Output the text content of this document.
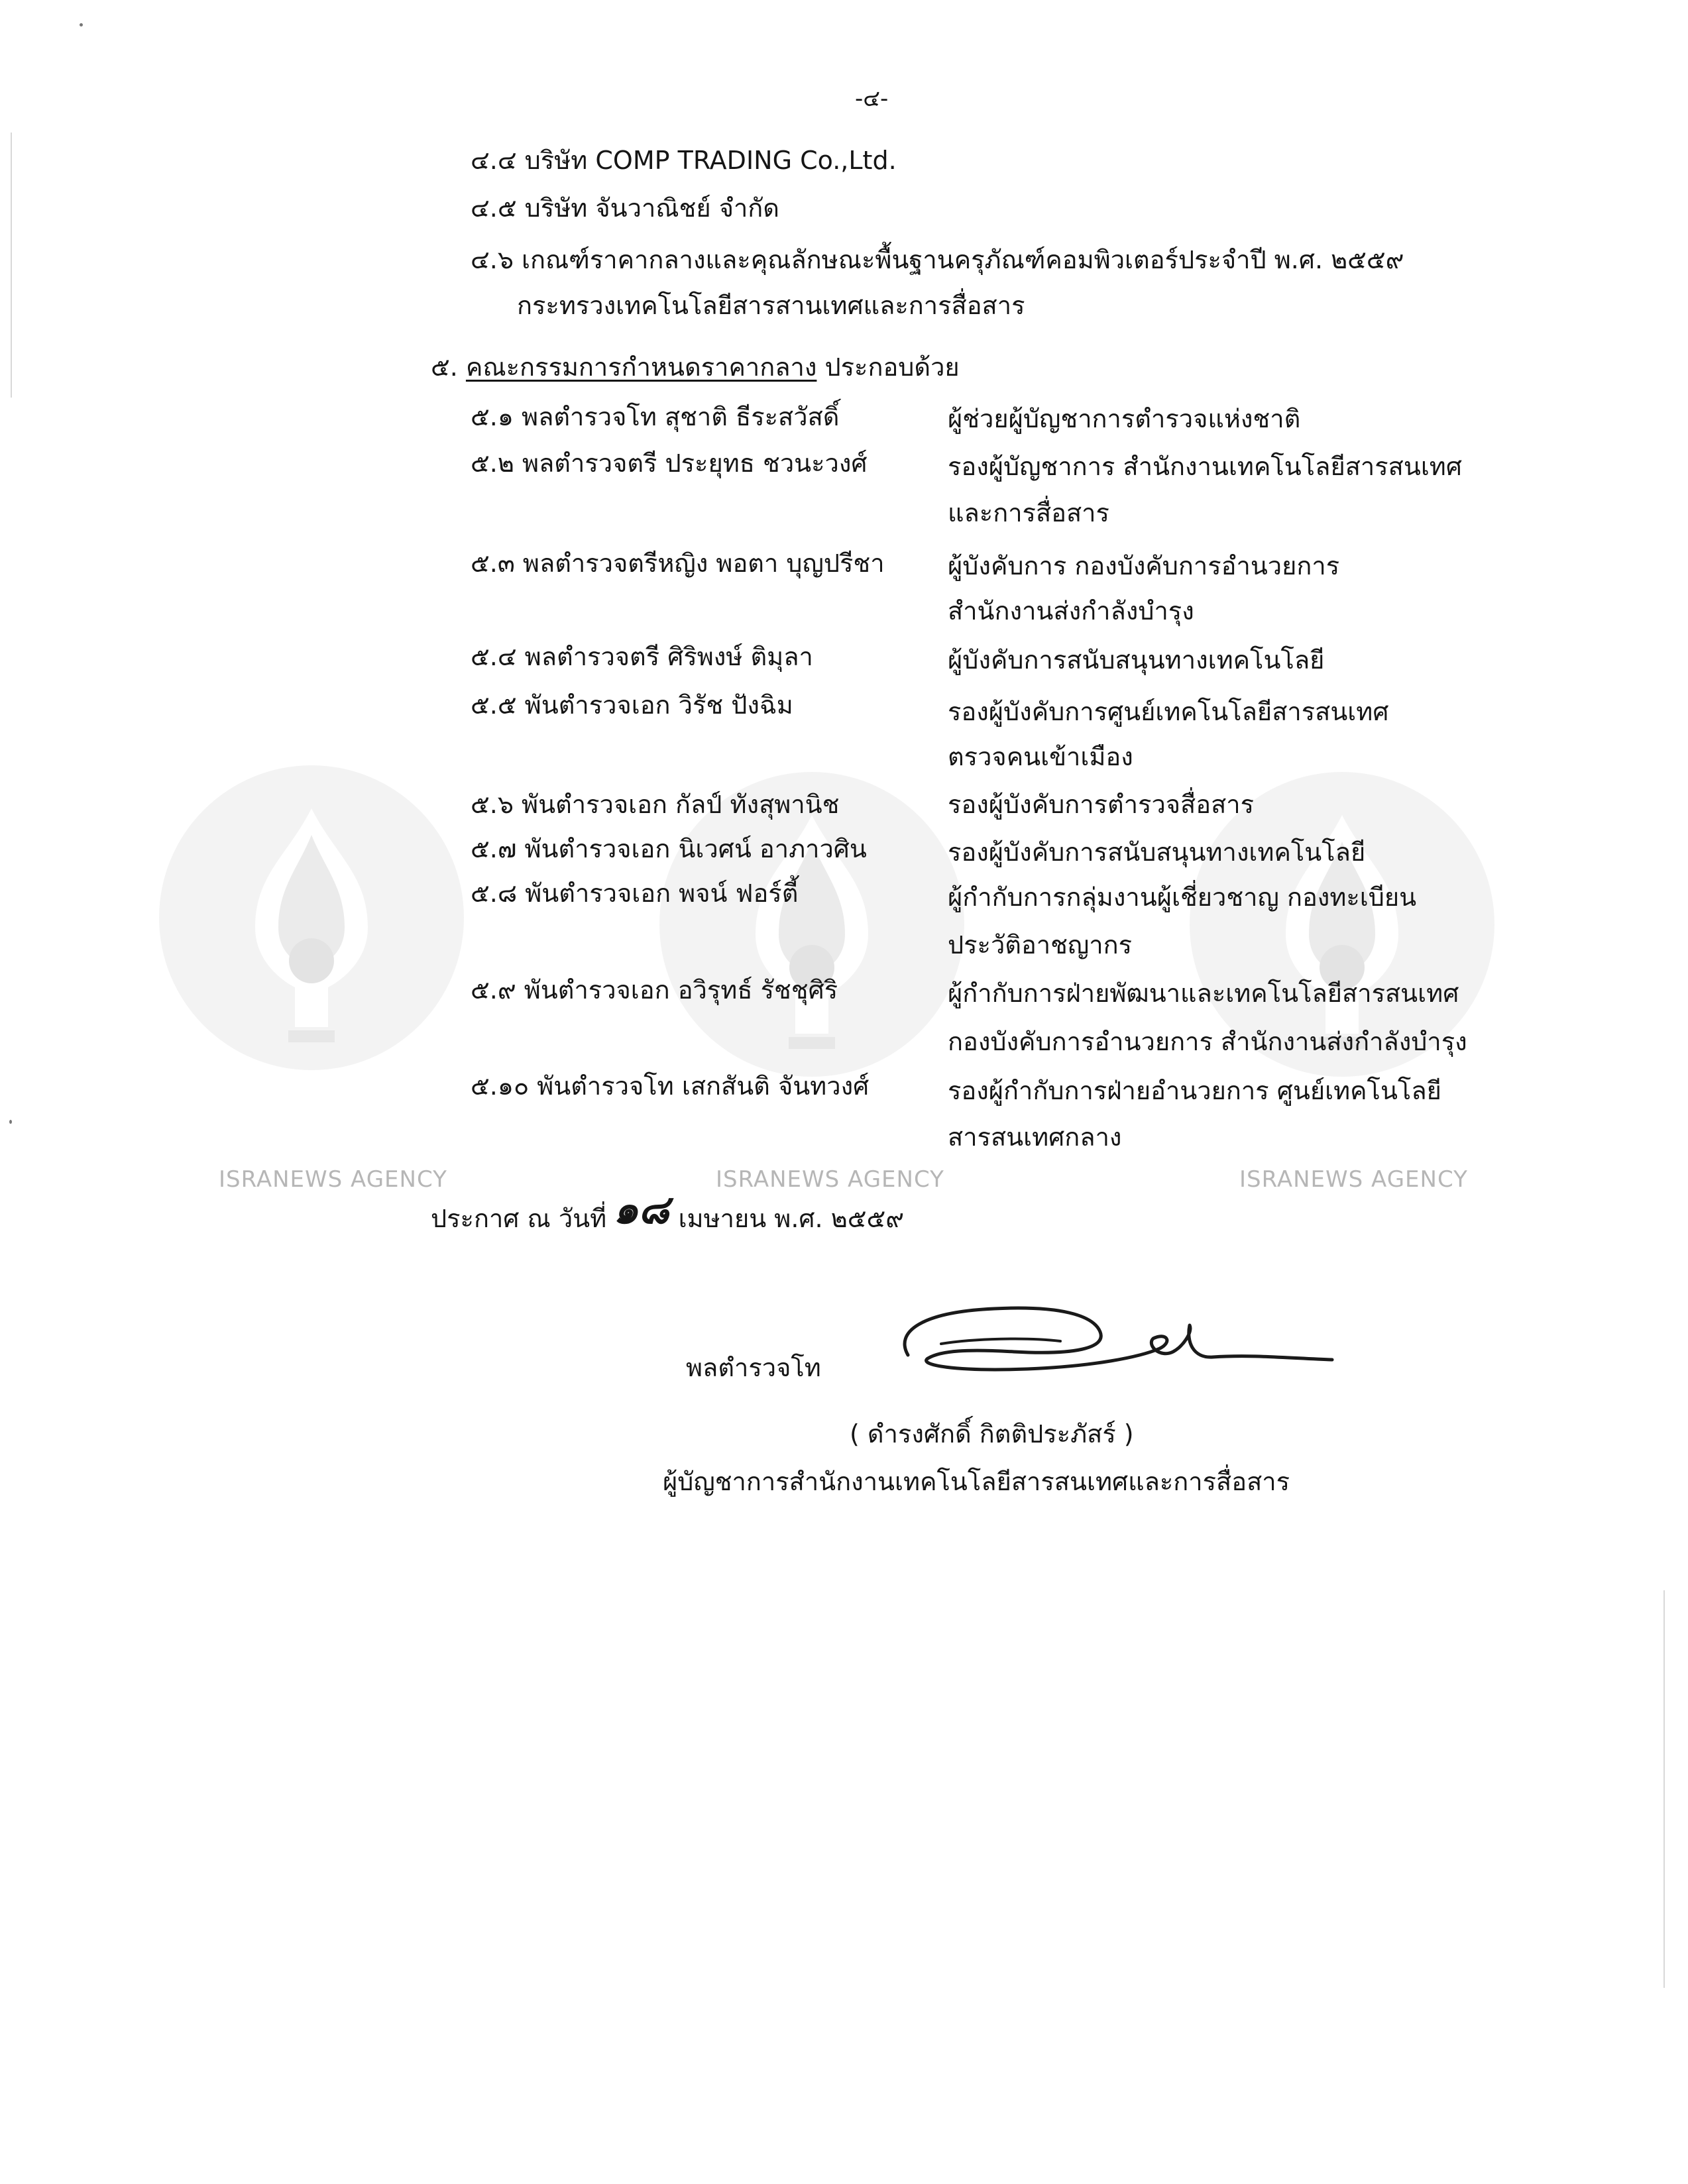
ISRANEWS AGENCY	ISRANEWS AGENCY	ISRANEWS AGENCY
-๔-
๔.๔ บริษัท COMP TRADING Co.,Ltd.
๔.๕ บริษัท จันวาณิชย์ จำกัด
๔.๖ เกณฑ์ราคากลางและคุณลักษณะพื้นฐานครุภัณฑ์คอมพิวเตอร์ประจำปี พ.ศ. ๒๕๕๙
กระทรวงเทคโนโลยีสารสานเทศและการสื่อสาร
๕. คณะกรรมการกำหนดราคากลาง ประกอบด้วย
๕.๑ พลตำรวจโท สุชาติ ธีระสวัสดิ์	ผู้ช่วยผู้บัญชาการตำรวจแห่งชาติ
๕.๒ พลตำรวจตรี ประยุทธ ชวนะวงศ์	รองผู้บัญชาการ สำนักงานเทคโนโลยีสารสนเทศ
และการสื่อสาร
๕.๓ พลตำรวจตรีหญิง พอตา บุญปรีชา	ผู้บังคับการ กองบังคับการอำนวยการ
สำนักงานส่งกำลังบำรุง
๕.๔ พลตำรวจตรี ศิริพงษ์ ติมุลา	ผู้บังคับการสนับสนุนทางเทคโนโลยี
๕.๕ พันตำรวจเอก วิรัช ปังฉิม	รองผู้บังคับการศูนย์เทคโนโลยีสารสนเทศ
ตรวจคนเข้าเมือง
๕.๖ พันตำรวจเอก กัลป์ ทังสุพานิช	รองผู้บังคับการตำรวจสื่อสาร
๕.๗ พันตำรวจเอก นิเวศน์ อาภาวศิน	รองผู้บังคับการสนับสนุนทางเทคโนโลยี
๕.๘ พันตำรวจเอก พจน์ ฟอร์ตี้	ผู้กำกับการกลุ่มงานผู้เชี่ยวชาญ กองทะเบียน
ประวัติอาชญากร
๕.๙ พันตำรวจเอก อวิรุทธ์ รัชชุศิริ	ผู้กำกับการฝ่ายพัฒนาและเทคโนโลยีสารสนเทศ
กองบังคับการอำนวยการ สำนักงานส่งกำลังบำรุง
๕.๑๐ พันตำรวจโท เสกสันติ จันทวงศ์	รองผู้กำกับการฝ่ายอำนวยการ ศูนย์เทคโนโลยี
สารสนเทศกลาง
ประกาศ ณ วันที่ ๑๘ เมษายน พ.ศ. ๒๕๕๙
พลตำรวจโท
( ดำรงศักดิ์ กิตติประภัสร์ )
ผู้บัญชาการสำนักงานเทคโนโลยีสารสนเทศและการสื่อสาร
